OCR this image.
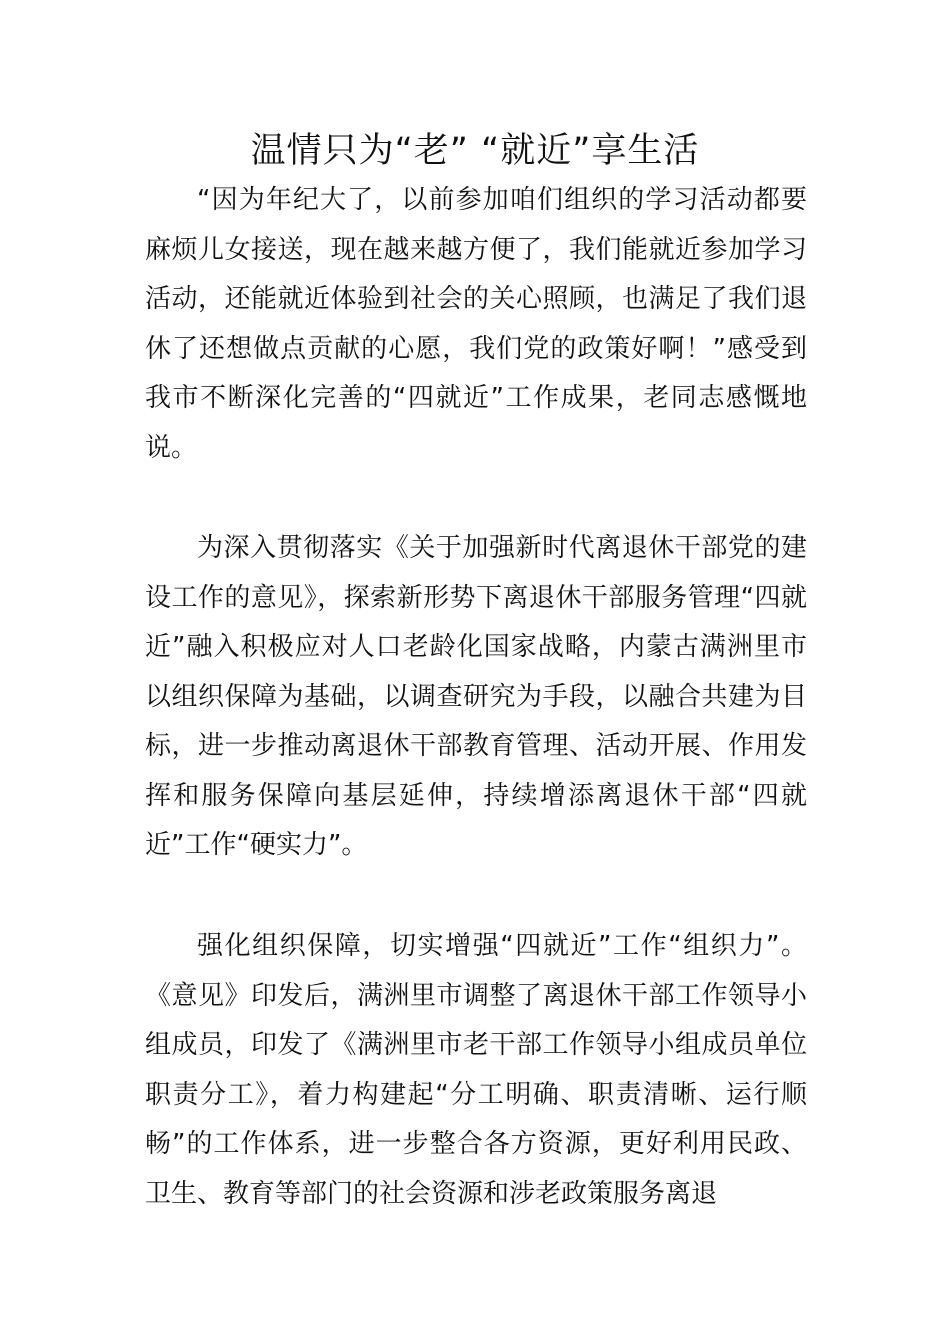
温情只为“老” “就近”享生活

“因为年纪大了，以前参加咱们组织的学习活动都要麻烦儿女接送，现在越来越方便了，我们能就近参加学习活动，还能就近体验到社会的关心照顾，也满足了我们退休了还想做点贡献的心愿，我们党的政策好啊！”感受到我市不断深化完善的“四就近”工作成果，老同志感慨地说。

为深入贯彻落实《关于加强新时代离退休干部党的建设工作的意见》，探索新形势下离退休干部服务管理“四就近”融入积极应对人口老龄化国家战略，内蒙古满洲里市以组织保障为基础，以调查研究为手段，以融合共建为目标，进一步推动离退休干部教育管理、活动开展、作用发挥和服务保障向基层延伸，持续增添离退休干部“四就近”工作“硬实力”。

强化组织保障，切实增强“四就近”工作“组织力”。《意见》印发后，满洲里市调整了离退休干部工作领导小组成员，印发了《满洲里市老干部工作领导小组成员单位职责分工》，着力构建起“分工明确、职责清晰、运行顺畅”的工作体系，进一步整合各方资源，更好利用民政、卫生、教育等部门的社会资源和涉老政策服务离退
